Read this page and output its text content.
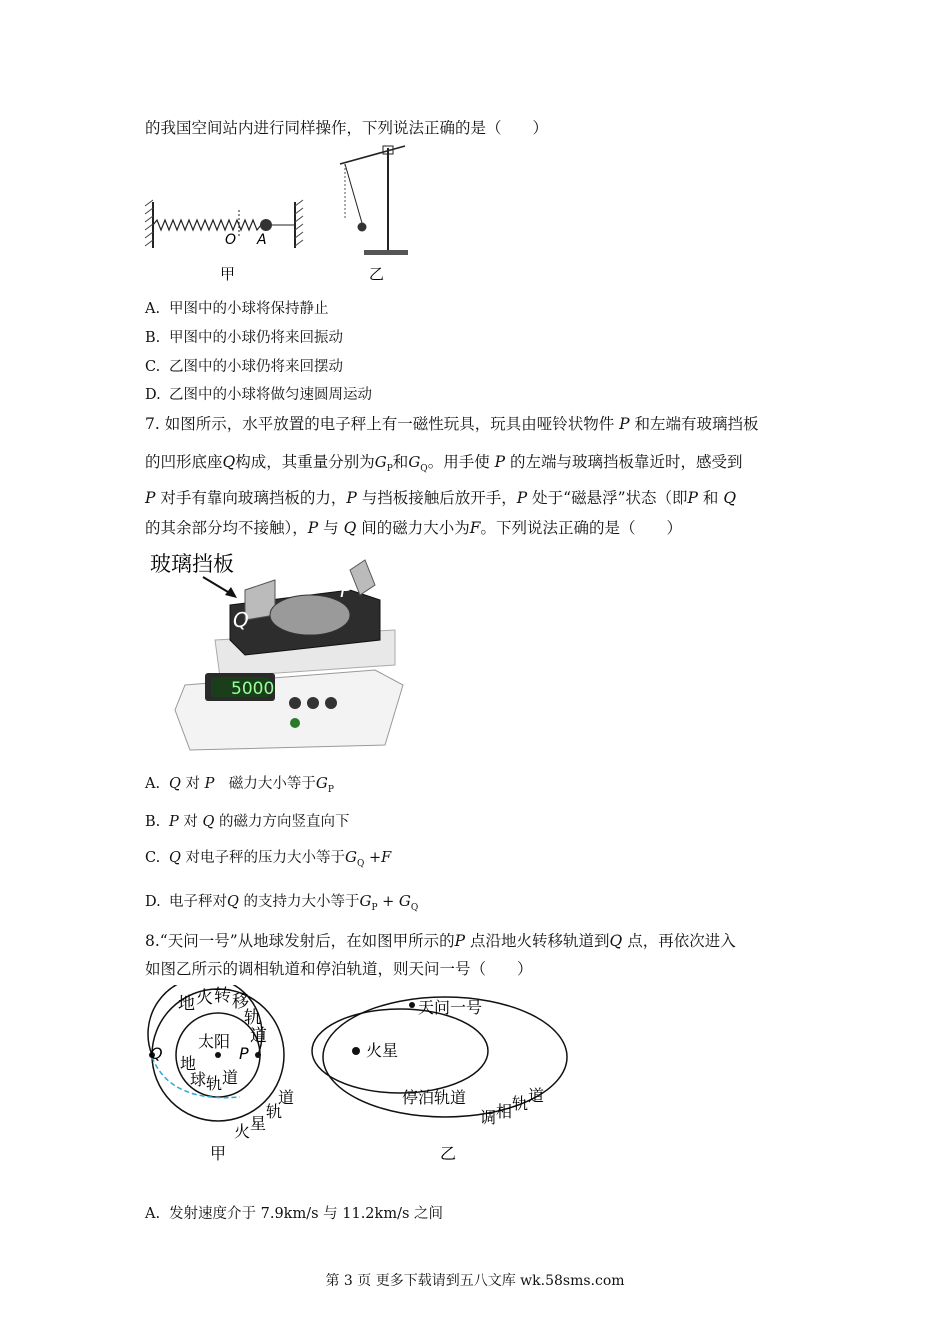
的我国空间站内进行同样操作，下列说法正确的是（　　）
O A
甲	乙
A. 甲图中的小球将保持静止
B. 甲图中的小球仍将来回振动
C. 乙图中的小球仍将来回摆动
D. 乙图中的小球将做匀速圆周运动
7. 如图所示，水平放置的电子秤上有一磁性玩具，玩具由哑铃状物件 P 和左端有玻璃挡板
的凹形底座Q构成，其重量分别为$G_P$和$G_Q$。用手使 P 的左端与玻璃挡板靠近时，感受到
P 对手有靠向玻璃挡板的力，P 与挡板接触后放开手，P 处于“磁悬浮”状态（即P 和 Q
的其余部分均不接触），P 与 Q 间的磁力大小为F。下列说法正确的是（　　）
玻璃挡板
5000
Q
P
A. Q 对 P　 磁力大小等于$G_P$
B. P 对 Q 的磁力方向竖直向下
C. Q 对电子秤的压力大小等于$G_Q +F$
D. 电子秤对Q 的支持力大小等于$G_P + G_Q$
8.“天问一号”从地球发射后，在如图甲所示的P 点沿地火转移轨道到Q 点，再依次进入
如图乙所示的调相轨道和停泊轨道，则天问一号（　　）
地 火 转 移
轨
道
太阳
地
球 轨 道
道
轨
星
火
Q	P
甲
天问一号
火星
停泊轨道
调 相 轨 道
乙
A. 发射速度介于 7.9km/s 与 11.2km/s 之间
第 3 页 更多下载请到五八文库 wk.58sms.com
